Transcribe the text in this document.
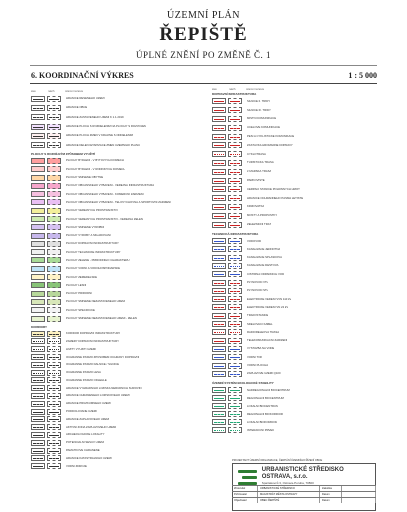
ÚZEMNÍ PLÁN
ŘEPIŠTĚ
ÚPLNÉ ZNĚNÍ PO ZMĚNĚ Č. 1
6. KOORDINAČNÍ VÝKRES	1 : 5 000
stav	návrh	územní rezerva
HRANICE ŘEŠENÉHO ÚZEMÍ
HRANICE OBCE
HRANICE ZASTAVĚNÉHO ÚZEMÍ K 1.1.2019
HRANICE PLOCH S ROZDĚLENÍM NA PLOCHY S ROZVOJEM
HRANICE PLOCH ZMĚN V KRAJINĚ S ODDĚLENÍM
HRANICE DĚLENÍ ETAPIZACE ZMĚN ÚZEMNÍHO PLÁNU
PLOCHY S ROZDÍLNÝM ZPŮSOBEM VYUŽITÍ
PLOCHY BYDLENÍ - V BYTOVÝCH DOMECH
PLOCHY BYDLENÍ - V RODINNÝCH DOMECH
PLOCHY SMÍŠENÉ OBYTNÉ
PLOCHY OBČANSKÉHO VYBAVENÍ - VEŘEJNÁ INFRASTRUKTURA
PLOCHY OBČANSKÉHO VYBAVENÍ - KOMERČNÍ ZAŘÍZENÍ
PLOCHY OBČANSKÉHO VYBAVENÍ - TĚLOVÝCHOVNÁ A SPORTOVNÍ ZAŘÍZENÍ
PLOCHY VEŘEJNÝCH PROSTRANSTVÍ
PLOCHY VEŘEJNÝCH PROSTRANSTVÍ - VEŘEJNÁ ZELEŇ
PLOCHY SMÍŠENÉ VÝROBNÍ
PLOCHY VÝROBY A SKLADOVÁNÍ
PLOCHY DOPRAVNÍ INFRASTRUKTURY
PLOCHY TECHNICKÉ INFRASTRUKTURY
PLOCHY ZELENĚ - PŘÍRODNÍHO CHARAKTERU
PLOCHY VODNÍ A VODOHOSPODÁŘSKÉ
PLOCHY ZEMĚDĚLSKÉ
PLOCHY LESNÍ
PLOCHY PŘÍRODNÍ
PLOCHY SMÍŠENÉ NEZASTAVĚNÉHO ÚZEMÍ
PLOCHY SPECIFICKÉ
PLOCHY SMÍŠENÉ NEZASTAVĚNÉHO ÚZEMÍ - ZELEŇ
KORIDORY
KORIDOR DOPRAVNÍ INFRASTRUKTURY
ZÁMĚRY DOPRAVNÍ INFRASTRUKTURY
LIMITY VYUŽITÍ ÚZEMÍ
OCHRANNÉ PÁSMO ZPŮSOBEM OCHRANY DOPRAVNÍ
OCHRANNÉ PÁSMO DÁLNICE / SILNICE
OCHRANNÉ PÁSMO LESA
OCHRANNÉ PÁSMO ODLEHLÉ
HRANICE VÝHRADNÍHO LOŽISKA NERUDNÍCH SUROVIN
HRANICE CHRÁNĚNÉHO LOŽISKOVÉHO ÚZEMÍ
HRANICE PRŮZKUMNÉHO ÚZEMÍ
PODDOLOVANÉ ÚZEMÍ
HRANICE ZÁPLAVOVÉHO ÚZEMÍ
AKTIVNÍ ZÓNA ZÁPLAVOVÉHO ÚZEMÍ
ARCHEOLOGICKÉ LOKALITY
POTENCIÁLNÍ SESUV ÚZEMÍ
PAMÁTKOVĚ CHRÁNĚNÉ
HRANICE KATASTRÁLNÍHO ÚZEMÍ
VODNÍ ZDROJE
stav	návrh	územní rezerva
DOPRAVNÍ INFRASTRUKTURA
SILNICE II. TŘÍDY
SILNICE III. TŘÍDY
MÍSTNÍ KOMUNIKACE
ÚČELOVÉ KOMUNIKACE
PĚŠÍ A CYKLISTICKÉ KOMUNIKACE
ZASTÁVKA HROMADNÉ DOPRAVY
CYKLOTRASA
TURISTICKÁ TRASA
LYŽAŘSKÁ TRASA
PARKOVIŠTĚ
ČERPACÍ STANICE POHONNÝCH HMOT
HRANICE OCHRANNÉHO PÁSMA LETIŠTĚ
KŘIŽOVATKA
MOSTY A PROPUSTKY
ŽELEZNIČNÍ TRAŤ
TECHNICKÁ INFRASTRUKTURA
VODOVOD
KANALIZACE JEDNOTNÁ
KANALIZACE SPLAŠKOVÁ
KANALIZACE DEŠŤOVÁ
ČISTÍRNA ODPADNÍCH VOD
PLYNOVOD VTL
PLYNOVOD STL
ELEKTRICKÉ VEDENÍ VVN 110 kV
ELEKTRICKÉ VEDENÍ VN 22 kV
TRAFOSTANICE
SDĚLOVACÍ KABEL
RADIORELÉOVÁ TRASA
TELEKOMUNIKAČNÍ ZAŘÍZENÍ
VÝSTAVBA NA VODĚ
VODNÍ TOK
VODNÍ PLOCHA
ZÁPLAVOVÉ ÚZEMÍ Q100
ÚZEMNÍ SYSTÉM EKOLOGICKÉ STABILITY
NADREGIONÁLNÍ BIOCENTRUM
REGIONÁLNÍ BIOCENTRUM
LOKÁLNÍ BIOCENTRUM
REGIONÁLNÍ BIOKORIDOR
LOKÁLNÍ BIOKORIDOR
INTERAKČNÍ PRVEK
PROJEKTANT ÚZEMNÍ ORGANIZACE, ČERPÁNÍ ÚZEMNÍHO ŘÍZENÍ OBCE
URBANISTICKÉ STŘEDISKO OSTRAVA, s.r.o.
Spartakovců 3, Ostrava-Poruba, 70800
Zhotovitel	URBANISTICKÉ STŘEDISKO	Zakázka
Pořizovatel	MAGISTRÁT MĚSTA OSTRAVY	Datum
Objednatel	OBEC ŘEPIŠTĚ	Datum
